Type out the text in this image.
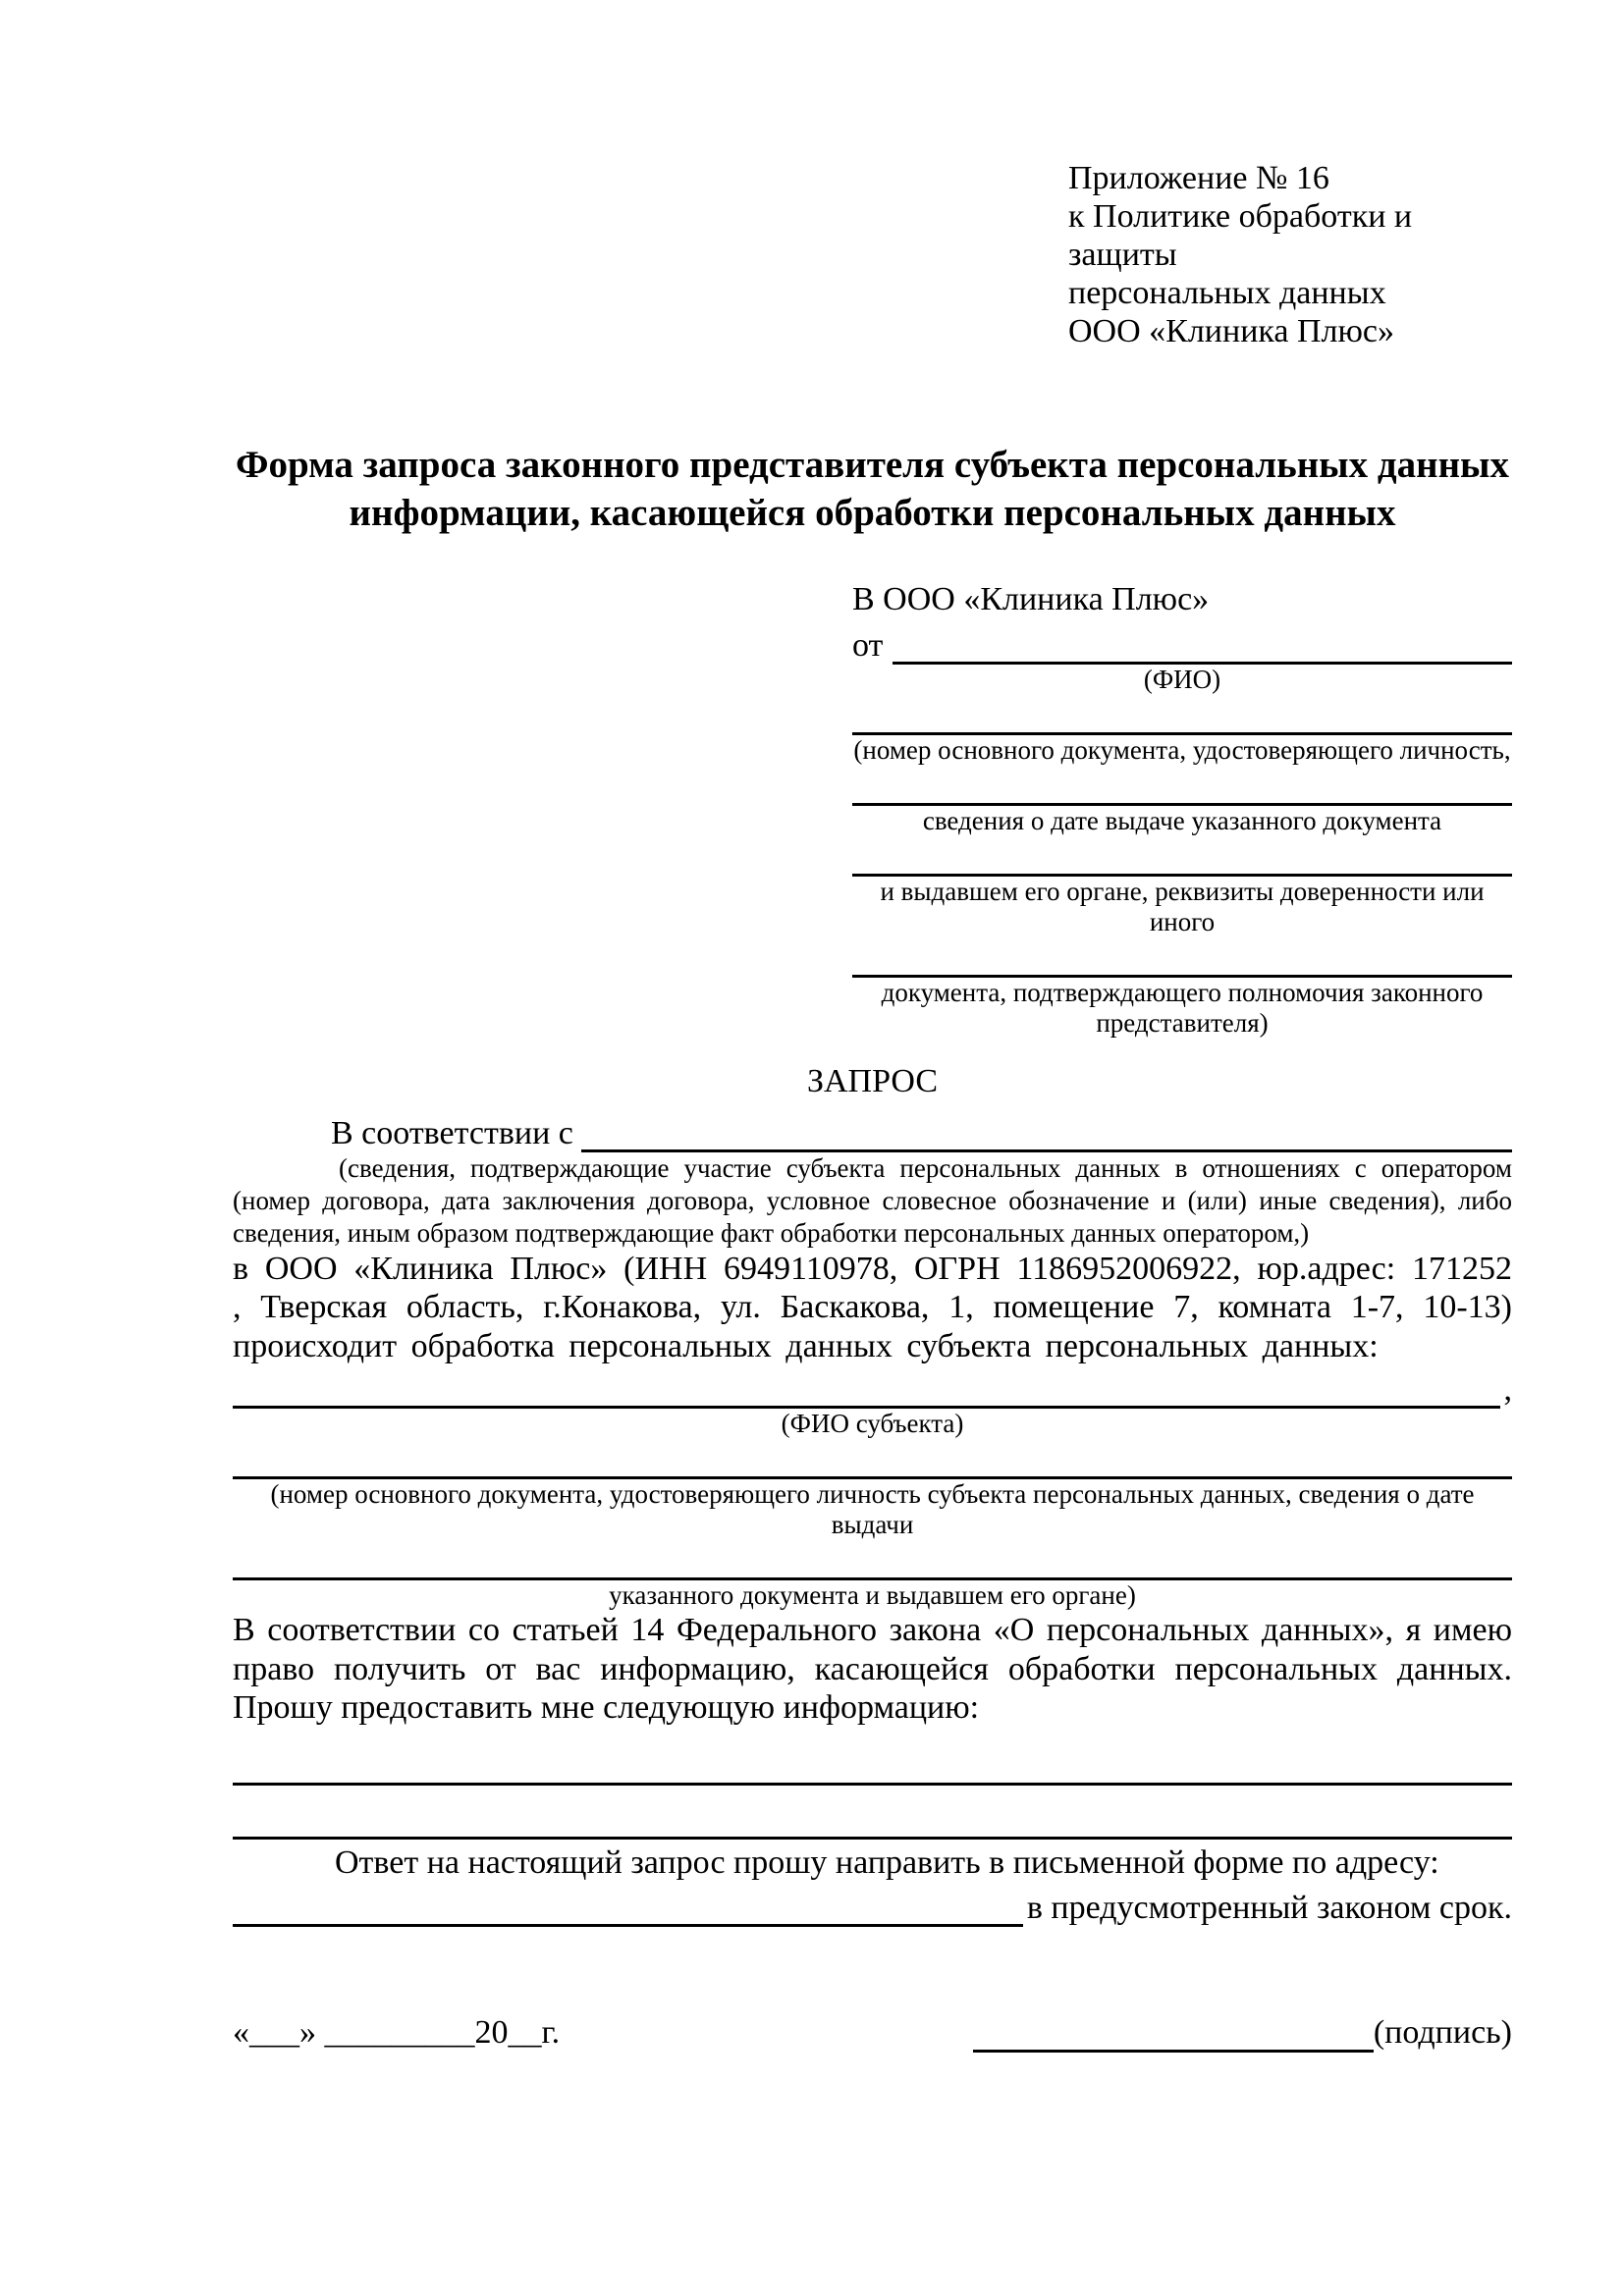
Приложение № 16
к Политике обработки и защиты
персональных данных
ООО «Клиника Плюс»
Форма запроса законного представителя субъекта персональных данных
информации, касающейся обработки персональных данных
В ООО «Клиника Плюс»
от
(ФИО)
(номер основного документа, удостоверяющего личность,
сведения о дате выдаче указанного документа
и выдавшем его органе, реквизиты доверенности или иного
документа, подтверждающего полномочия законного представителя)
ЗАПРОС
В соответствии с
(сведения, подтверждающие участие субъекта персональных данных в отношениях с оператором (номер договора, дата заключения договора, условное словесное обозначение и (или) иные сведения), либо сведения, иным образом подтверждающие факт обработки персональных данных оператором,)
в ООО «Клиника Плюс» (ИНН 6949110978, ОГРН 1186952006922, юр.адрес: 171252 , Тверская область, г.Конакова, ул. Баскакова, 1, помещение 7, комната 1-7, 10-13) происходит обработка персональных данных субъекта персональных данных:
,
(ФИО субъекта)
(номер основного документа, удостоверяющего личность субъекта персональных данных, сведения о дате выдачи
указанного документа и выдавшем его органе)
В соответствии со статьей 14 Федерального закона «О персональных данных», я имею право получить от вас информацию, касающейся обработки персональных данных. Прошу предоставить мне следующую информацию:
Ответ на настоящий запрос прошу направить в письменной форме по адресу:
в предусмотренный законом срок.
«___» _________20__г.	(подпись)
